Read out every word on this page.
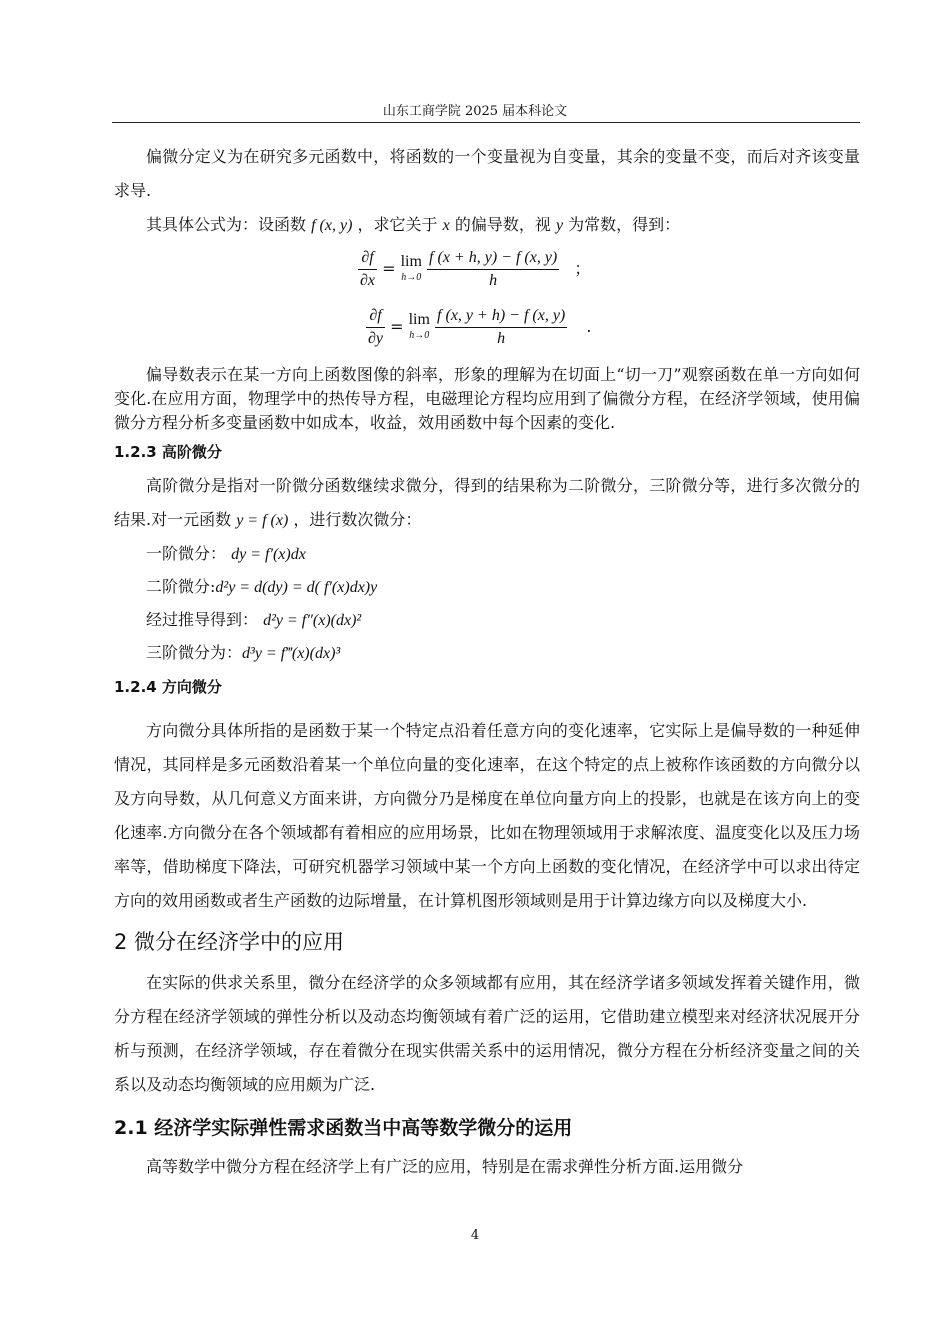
山东工商学院 2025 届本科论文

偏微分定义为在研究多元函数中，将函数的一个变量视为自变量，其余的变量不变，而后对齐该变量求导.

其具体公式为：设函数 f (x, y) ，求它关于 x 的偏导数，视 y 为常数，得到：

$\frac{\partial f}{\partial x} = \lim$
h→0
$\frac{f (x + h, y) - f (x, y)}{h}$ ；
$\frac{\partial f}{\partial y} = \lim$
h→0
$\frac{f (x, y + h) - f (x, y)}{h}$ .

偏导数表示在某一方向上函数图像的斜率，形象的理解为在切面上“切一刀”观察函数在单一方向如何变化.在应用方面，物理学中的热传导方程，电磁理论方程均应用到了偏微分方程，在经济学领域，使用偏微分方程分析多变量函数中如成本，收益，效用函数中每个因素的变化.

1.2.3 高阶微分

高阶微分是指对一阶微分函数继续求微分，得到的结果称为二阶微分，三阶微分等，进行多次微分的结果.对一元函数 y = f (x) ，进行数次微分：

一阶微分： dy = f′(x)dx
二阶微分:d²y = d(dy) = d( f′(x)dx)y
经过推导得到： d²y = f″(x)(dx)²
三阶微分为：d³y = f‴(x)(dx)³
1.2.4 方向微分

方向微分具体所指的是函数于某一个特定点沿着任意方向的变化速率，它实际上是偏导数的一种延伸情况，其同样是多元函数沿着某一个单位向量的变化速率，在这个特定的点上被称作该函数的方向微分以及方向导数，从几何意义方面来讲，方向微分乃是梯度在单位向量方向上的投影，也就是在该方向上的变化速率.方向微分在各个领域都有着相应的应用场景，比如在物理领域用于求解浓度、温度变化以及压力场率等，借助梯度下降法，可研究机器学习领域中某一个方向上函数的变化情况，在经济学中可以求出待定方向的效用函数或者生产函数的边际增量，在计算机图形领域则是用于计算边缘方向以及梯度大小.

2 微分在经济学中的应用

在实际的供求关系里，微分在经济学的众多领域都有应用，其在经济学诸多领域发挥着关键作用，微分方程在经济学领域的弹性分析以及动态均衡领域有着广泛的运用，它借助建立模型来对经济状况展开分析与预测，在经济学领域，存在着微分在现实供需关系中的运用情况，微分方程在分析经济变量之间的关系以及动态均衡领域的应用颇为广泛.

2.1 经济学实际弹性需求函数当中高等数学微分的运用

高等数学中微分方程在经济学上有广泛的应用，特别是在需求弹性分析方面.运用微分

4
